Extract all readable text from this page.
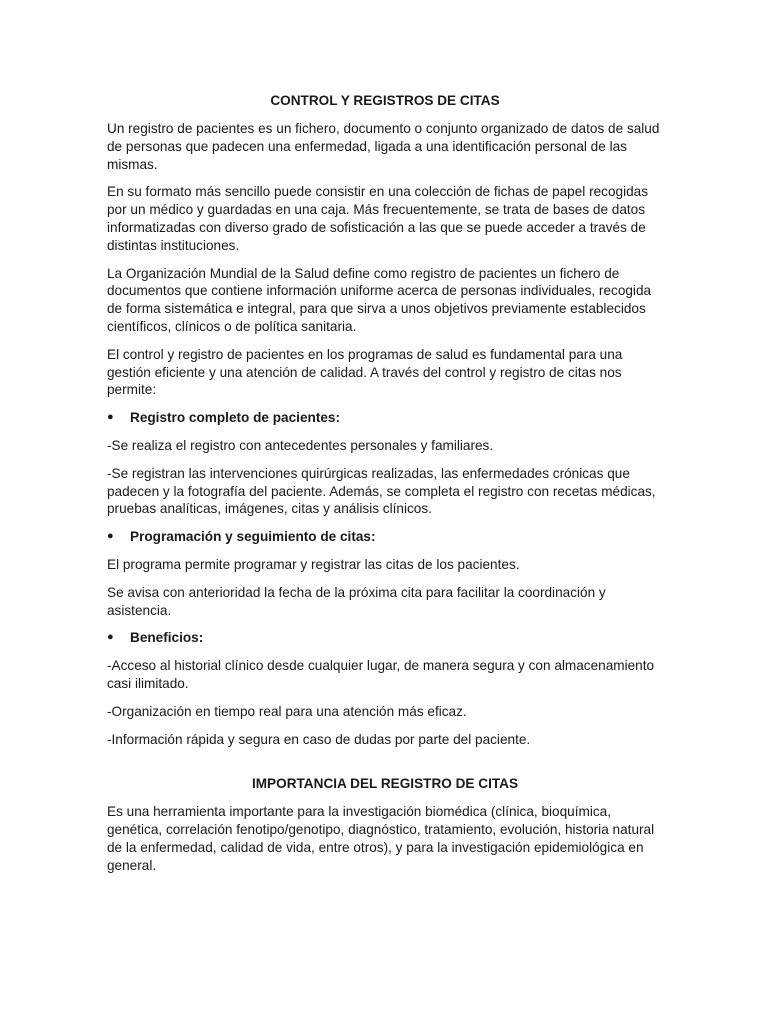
CONTROL Y REGISTROS DE CITAS

Un registro de pacientes es un fichero, documento o conjunto organizado de datos de salud de personas que padecen una enfermedad, ligada a una identificación personal de las mismas.

En su formato más sencillo puede consistir en una colección de fichas de papel recogidas por un médico y guardadas en una caja. Más frecuentemente, se trata de bases de datos informatizadas con diverso grado de sofisticación a las que se puede acceder a través de distintas instituciones.

La Organización Mundial de la Salud define como registro de pacientes un fichero de documentos que contiene información uniforme acerca de personas individuales, recogida de forma sistemática e integral, para que sirva a unos objetivos previamente establecidos científicos, clínicos o de política sanitaria.

El control y registro de pacientes en los programas de salud es fundamental para una gestión eficiente y una atención de calidad. A través del control y registro de citas nos permite:

●	Registro completo de pacientes:

-Se realiza el registro con antecedentes personales y familiares.

-Se registran las intervenciones quirúrgicas realizadas, las enfermedades crónicas que padecen y la fotografía del paciente. Además, se completa el registro con recetas médicas, pruebas analíticas, imágenes, citas y análisis clínicos.

●	Programación y seguimiento de citas:

El programa permite programar y registrar las citas de los pacientes.

Se avisa con anterioridad la fecha de la próxima cita para facilitar la coordinación y asistencia.

●	Beneficios:

-Acceso al historial clínico desde cualquier lugar, de manera segura y con almacenamiento casi ilimitado.

-Organización en tiempo real para una atención más eficaz.

-Información rápida y segura en caso de dudas por parte del paciente.

IMPORTANCIA DEL REGISTRO DE CITAS

Es una herramienta importante para la investigación biomédica (clínica, bioquímica, genética, correlación fenotipo/genotipo, diagnóstico, tratamiento, evolución, historia natural de la enfermedad, calidad de vida, entre otros), y para la investigación epidemiológica en general.
